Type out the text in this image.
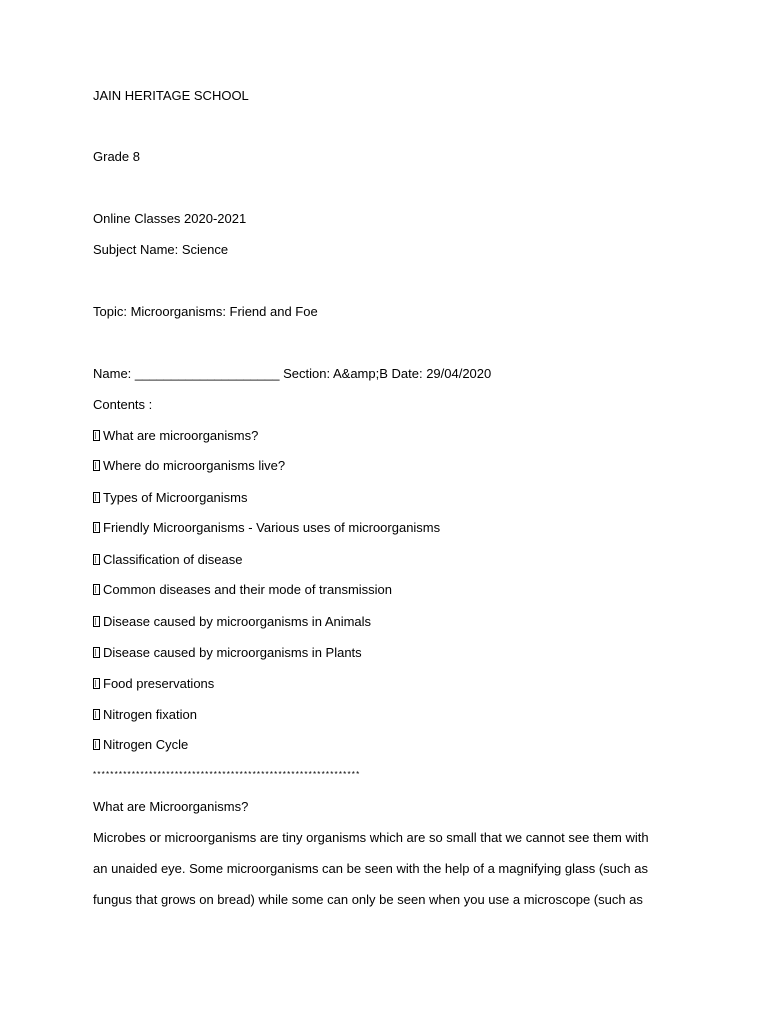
JAIN HERITAGE SCHOOL
Grade 8
Online Classes 2020-2021
Subject Name: Science
Topic: Microorganisms: Friend and Foe
Name: ____________________ Section: A&amp;B Date: 29/04/2020
Contents :
What are microorganisms?
Where do microorganisms live?
Types of Microorganisms
Friendly Microorganisms - Various uses of microorganisms
Classification of disease
Common diseases and their mode of transmission
Disease caused by microorganisms in Animals
Disease caused by microorganisms in Plants
Food preservations
Nitrogen fixation
Nitrogen Cycle
**************************************************************
What are Microorganisms?
Microbes or microorganisms are tiny organisms which are so small that we cannot see them with
an unaided eye. Some microorganisms can be seen with the help of a magnifying glass (such as
fungus that grows on bread) while some can only be seen when you use a microscope (such as
